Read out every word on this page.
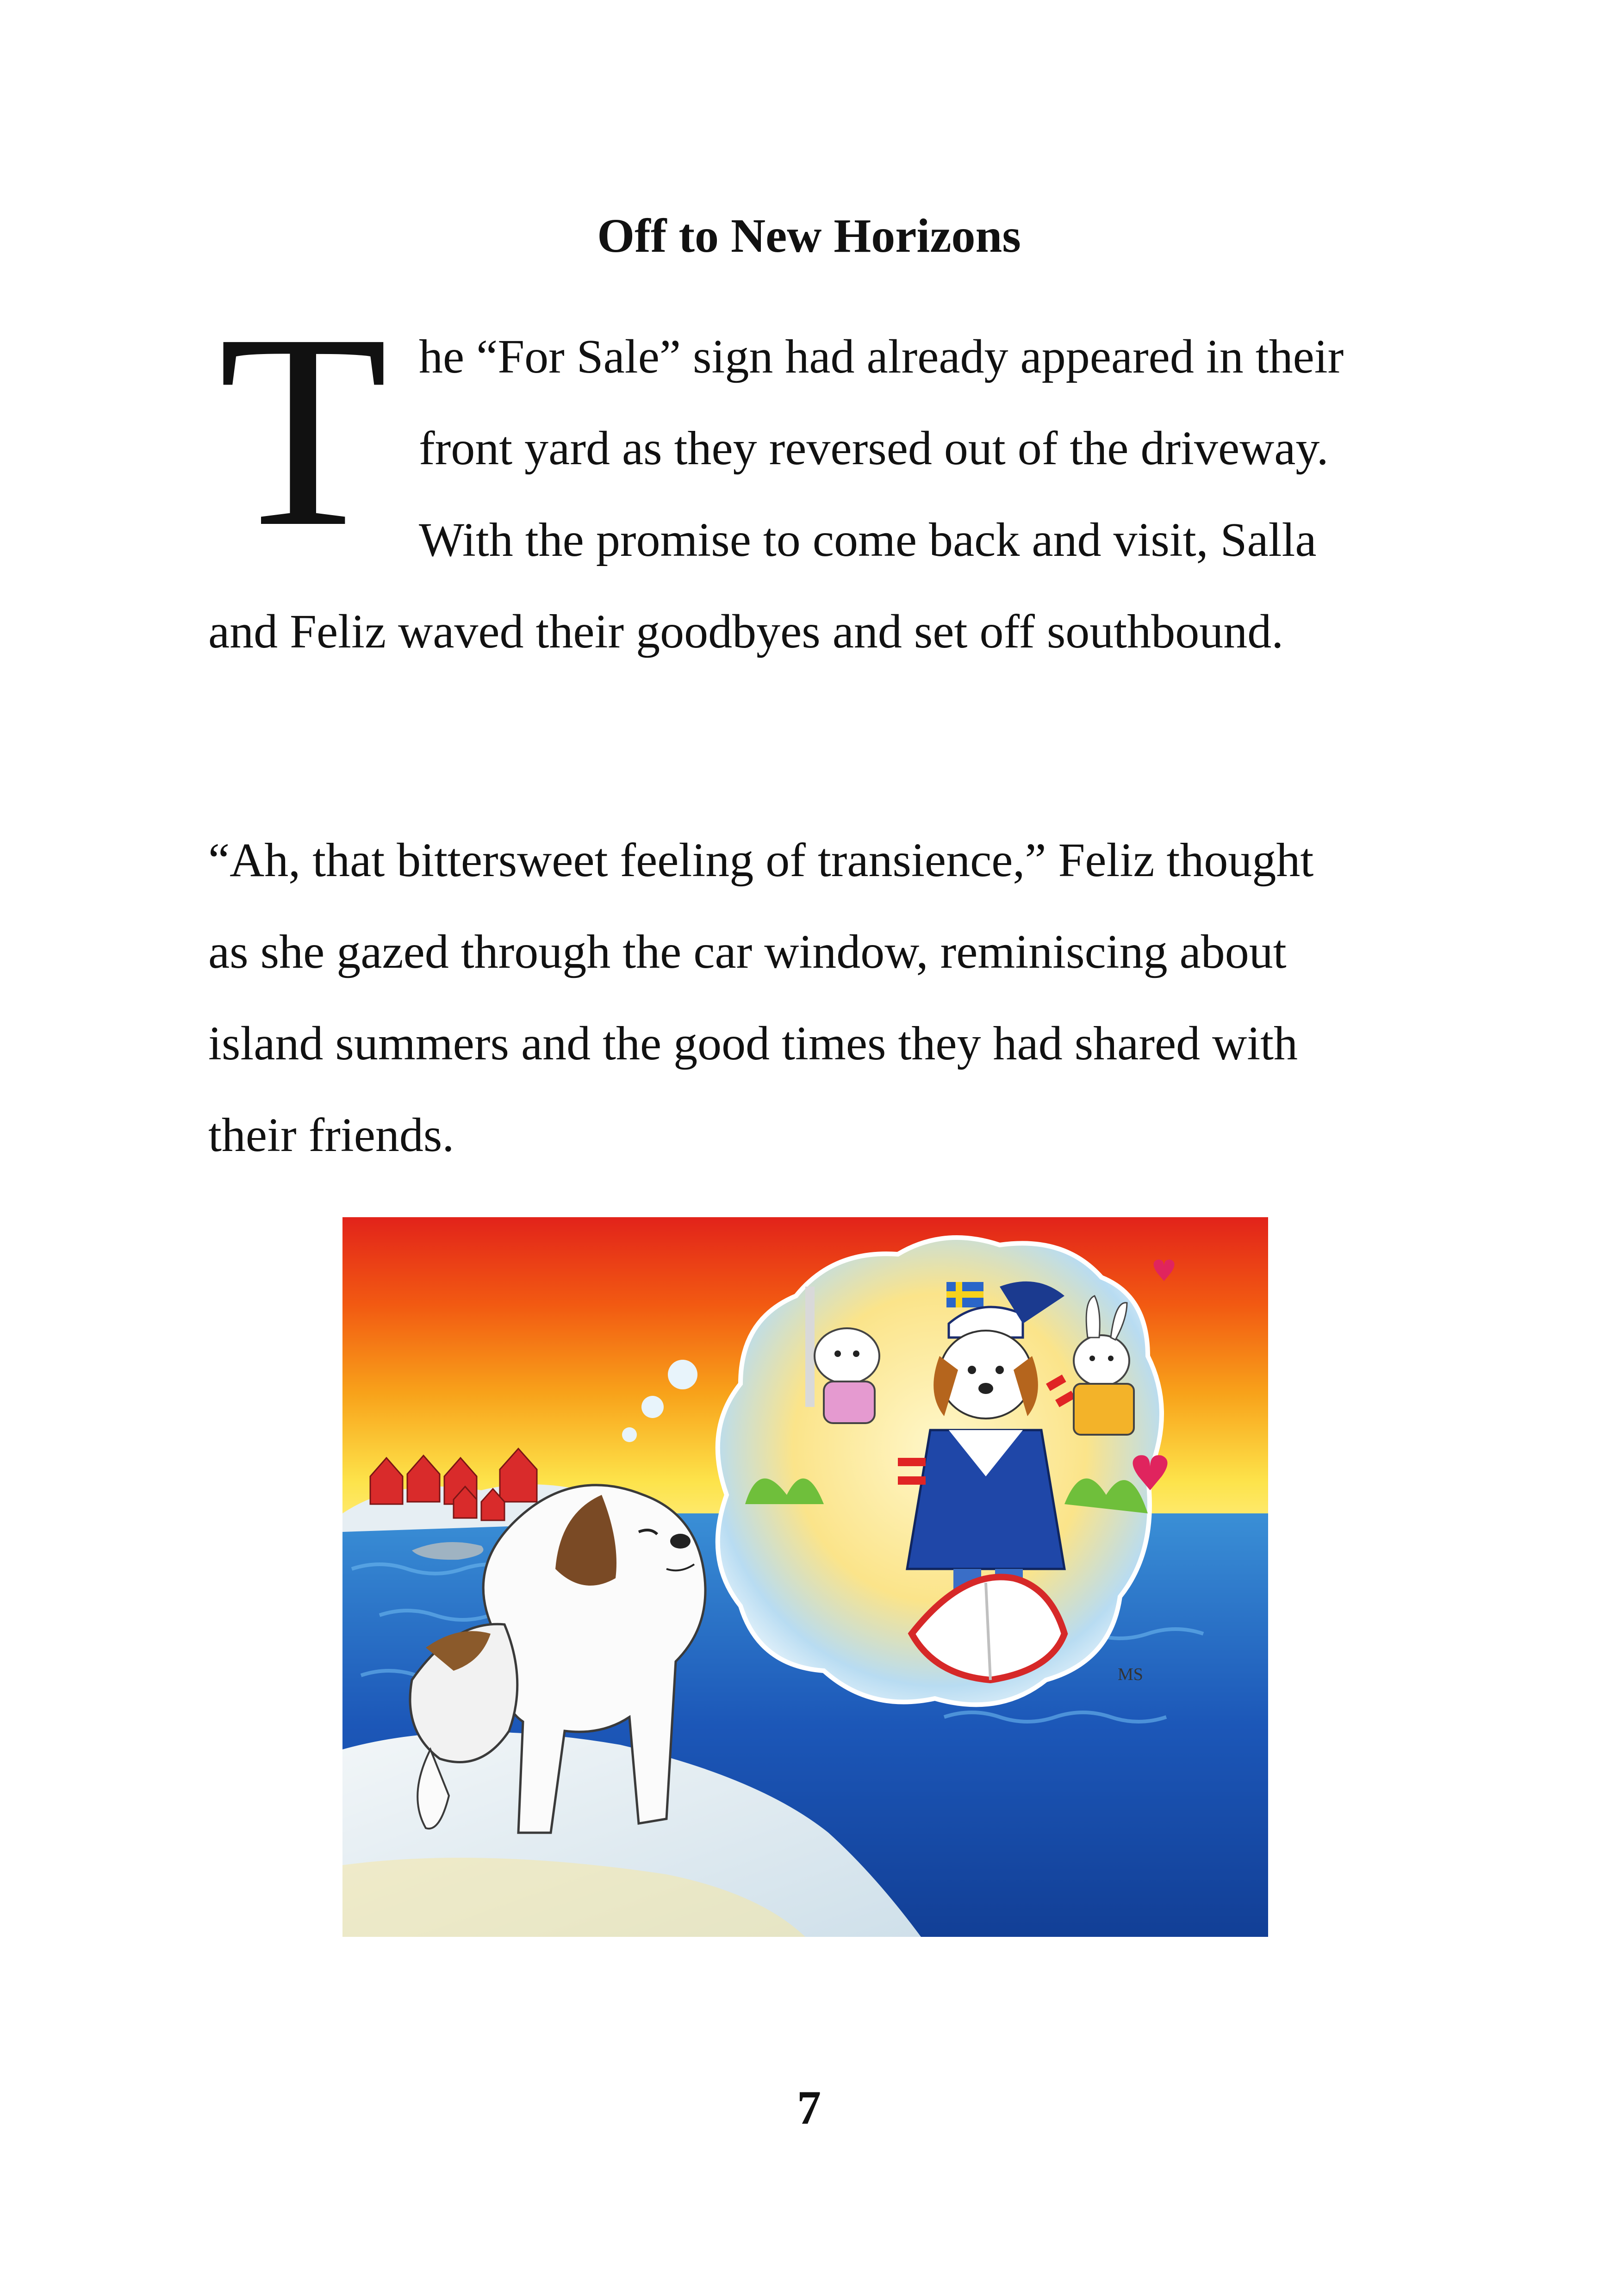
Off to New Horizons
T he “For Sale” sign had already appeared in their
front yard as they reversed out of the driveway.
With the promise to come back and visit, Salla
and Feliz waved their goodbyes and set off southbound.
“Ah, that bittersweet feeling of transience,” Feliz thought
as she gazed through the car window, reminiscing about
island summers and the good times they had shared with
their friends.
MS
7
